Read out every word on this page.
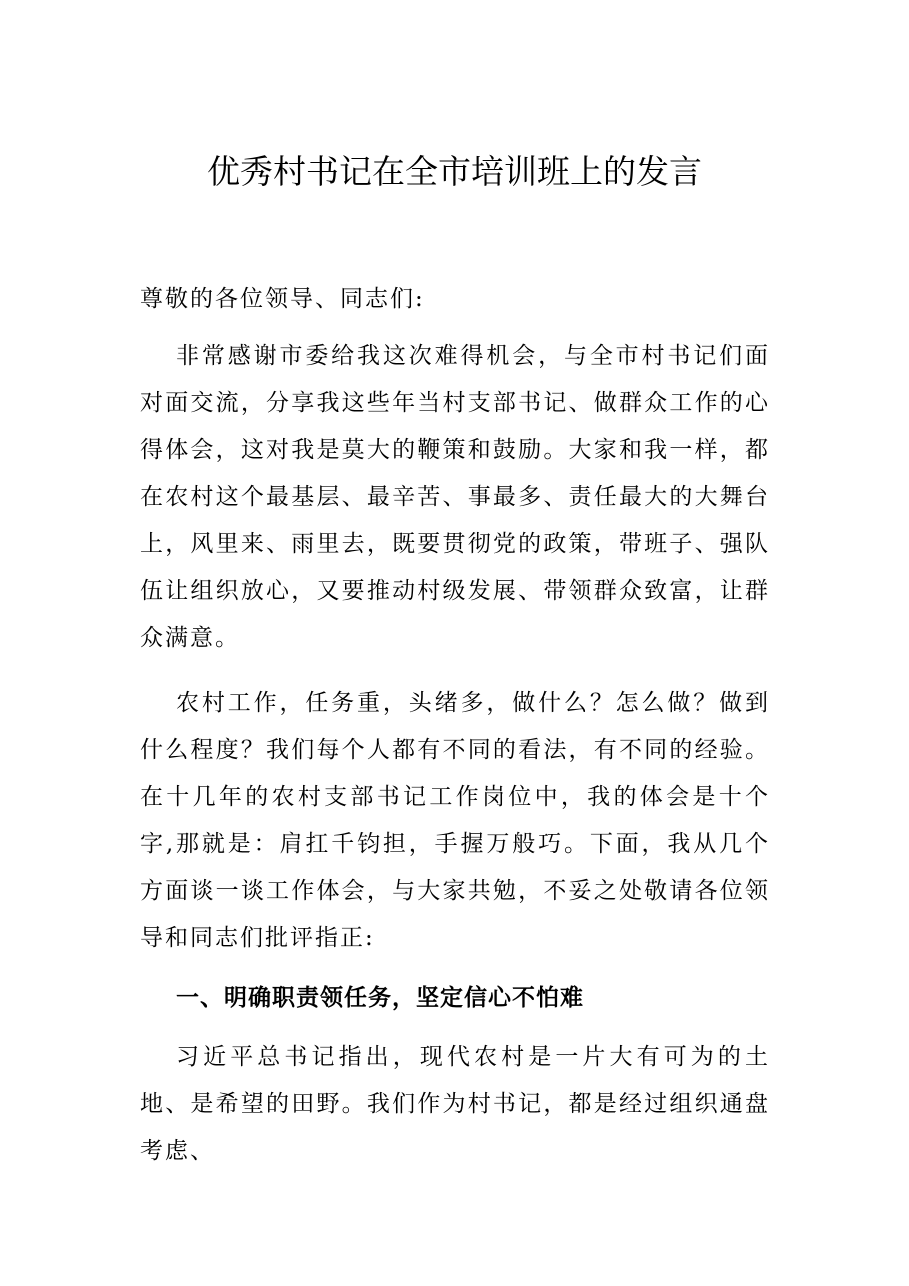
优秀村书记在全市培训班上的发言

尊敬的各位领导、同志们:

非常感谢市委给我这次难得机会，与全市村书记们面对面交流，分享我这些年当村支部书记、做群众工作的心得体会，这对我是莫大的鞭策和鼓励。大家和我一样，都在农村这个最基层、最辛苦、事最多、责任最大的大舞台上，风里来、雨里去，既要贯彻党的政策，带班子、强队伍让组织放心，又要推动村级发展、带领群众致富，让群众满意。

农村工作，任务重，头绪多，做什么？怎么做？做到什么程度？我们每个人都有不同的看法，有不同的经验。在十几年的农村支部书记工作岗位中，我的体会是十个字,那就是：肩扛千钧担，手握万般巧。下面，我从几个方面谈一谈工作体会，与大家共勉，不妥之处敬请各位领导和同志们批评指正:

一、明确职责领任务，坚定信心不怕难

习近平总书记指出，现代农村是一片大有可为的土地、是希望的田野。我们作为村书记，都是经过组织通盘考虑、
